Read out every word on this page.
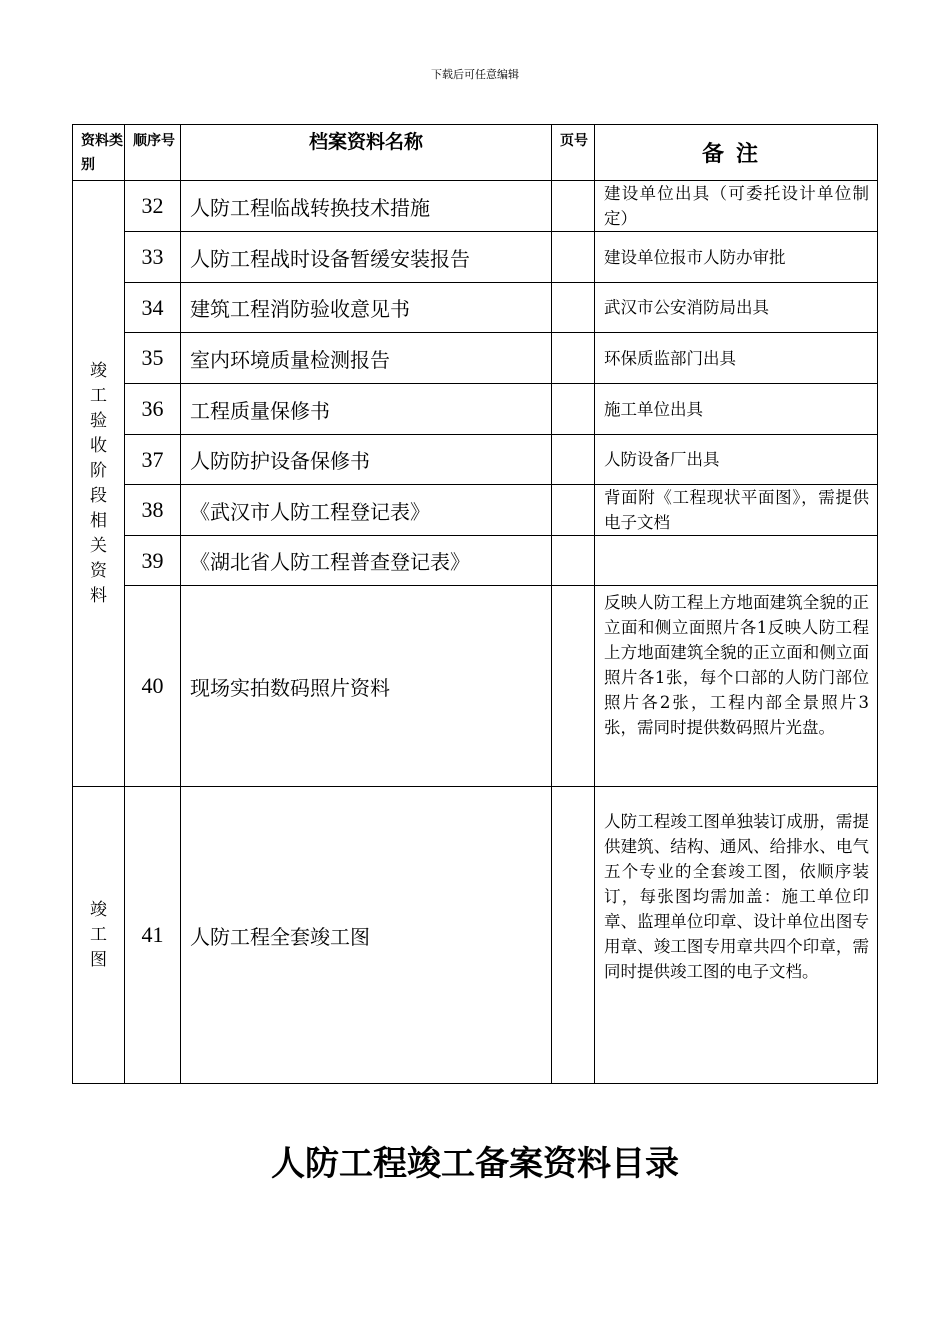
下载后可任意编辑
资料类别	顺序号	档案资料名称	页号	备注

竣工验收阶段相关资料	32	人防工程临战转换技术措施		建设单位出具（可委托设计单位制定）
	33	人防工程战时设备暂缓安装报告		建设单位报市人防办审批
	34	建筑工程消防验收意见书		武汉市公安消防局出具
	35	室内环境质量检测报告		环保质监部门出具
	36	工程质量保修书		施工单位出具
	37	人防防护设备保修书		人防设备厂出具
	38	《武汉市人防工程登记表》		背面附《工程现状平面图》，需提供电子文档
	39	《湖北省人防工程普查登记表》		
	40	现场实拍数码照片资料		反映人防工程上方地面建筑全貌的正立面和侧立面照片各1反映人防工程上方地面建筑全貌的正立面和侧立面照片各1张，每个口部的人防门部位照片各2张，工程内部全景照片3张，需同时提供数码照片光盘。

竣工图	41	人防工程全套竣工图		人防工程竣工图单独装订成册，需提供建筑、结构、通风、给排水、电气五个专业的全套竣工图，依顺序装订，每张图均需加盖：施工单位印章、监理单位印章、设计单位出图专用章、竣工图专用章共四个印章，需同时提供竣工图的电子文档。
人防工程竣工备案资料目录
